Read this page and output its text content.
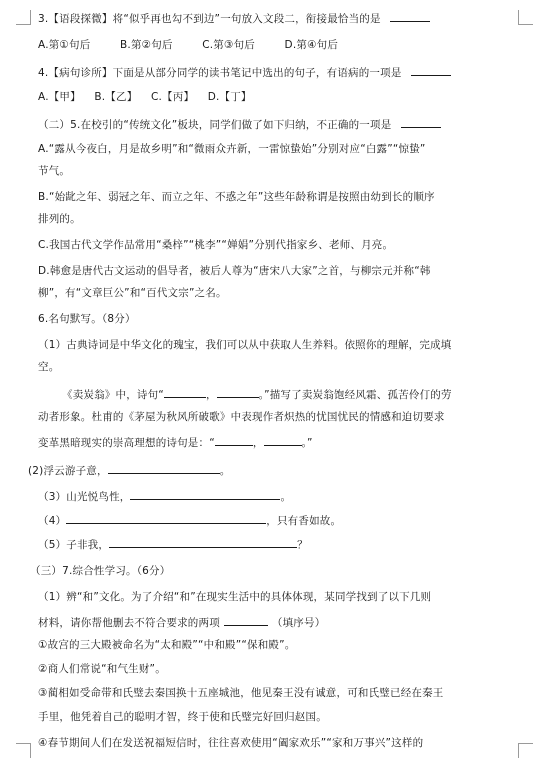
3.【语段探微】将“似乎再也勾不到边”一句放入文段二，衔接最恰当的是
A.第①句后	B.第②句后	C.第③句后	D.第④句后
4.【病句诊所】下面是从部分同学的读书笔记中选出的句子，有语病的一项是
A.【甲】 B.【乙】 C.【丙】 D.【丁】
（二）5.在校引的“传统文化”板块，同学们做了如下归纳，不正确的一项是
A.“露从今夜白，月是故乡明”和“微雨众卉新，一雷惊蛰始”分别对应“白露”“惊蛰”
节气。
B.“始龀之年、弱冠之年、而立之年、不惑之年”这些年龄称谓是按照由幼到长的顺序
排列的。
C.我国古代文学作品常用“桑梓”“桃李”“婵娟”分别代指家乡、老师、月亮。
D.韩愈是唐代古文运动的倡导者，被后人尊为“唐宋八大家”之首，与柳宗元并称“韩
柳”，有“文章巨公”和“百代文宗”之名。
6.名句默写。（8分）
（1）古典诗词是中华文化的瑰宝，我们可以从中获取人生养料。依照你的理解，完成填
空。
《卖炭翁》中，诗句“	，	。”描写了卖炭翁饱经风霜、孤苦伶仃的劳
动者形象。杜甫的《茅屋为秋风所破歌》中表现作者炽热的忧国忧民的情感和迫切要求
变革黑暗现实的崇高理想的诗句是：“	，	。”
(2)浮云游子意，	。
（3）山光悦鸟性，	。
（4）	，只有香如故。
（5）子非我，	？
（三）7.综合性学习。（6分）
（1）辨“和”文化。为了介绍“和”在现实生活中的具体体现，某同学找到了以下几则
材料，请你帮他删去不符合要求的两项	（填序号）
①故宫的三大殿被命名为“太和殿”“中和殿”“保和殿”。
②商人们常说“和气生财”。
③蔺相如受命带和氏璧去秦国换十五座城池，他见秦王没有诚意，可和氏璧已经在秦王
手里，他凭着自己的聪明才智，终于使和氏璧完好回归赵国。
④春节期间人们在发送祝福短信时，往往喜欢使用“阖家欢乐”“家和万事兴”这样的
